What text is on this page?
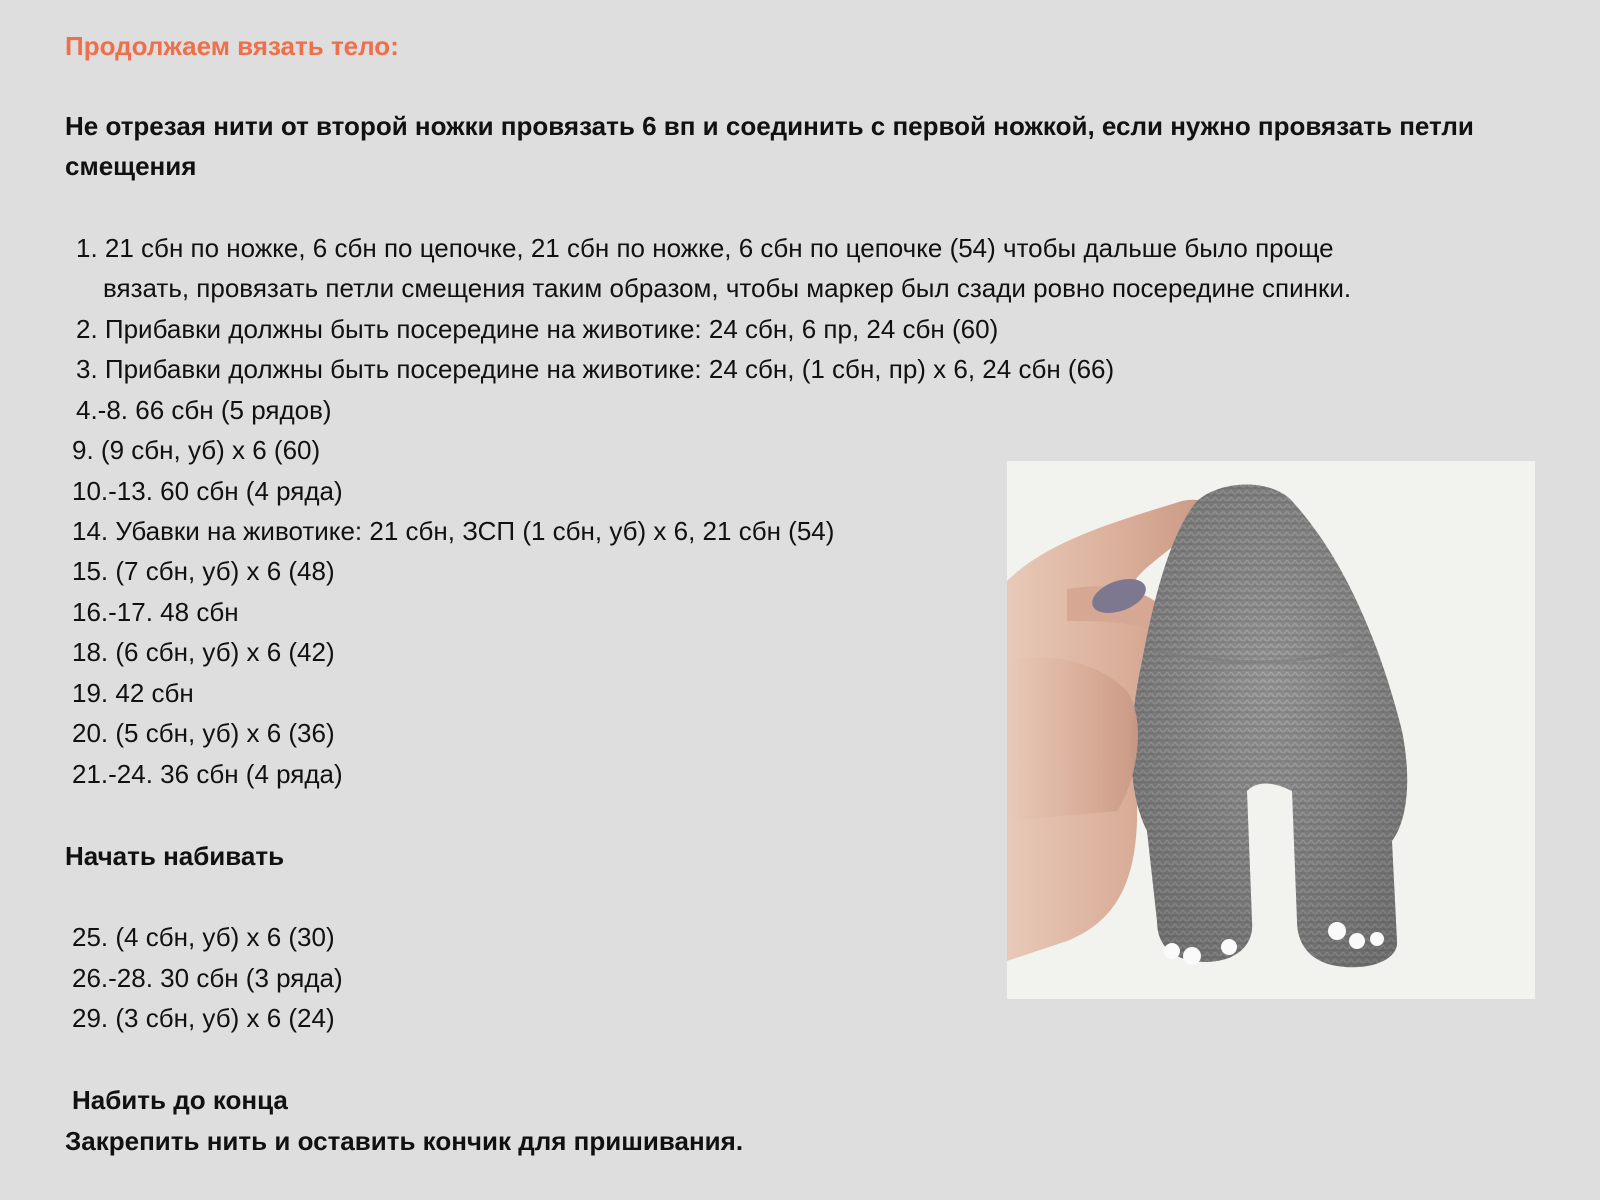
Продолжаем вязать тело:
Не отрезая нити от второй ножки провязать 6 вп и соединить с первой ножкой, если нужно провязать петли смещения
1. 21 сбн по ножке, 6 сбн по цепочке, 21 сбн по ножке, 6 сбн по цепочке (54) чтобы дальше было проще
вязать, провязать петли смещения таким образом, чтобы маркер был сзади ровно посередине спинки.
2. Прибавки должны быть посередине на животике: 24 сбн, 6 пр, 24 сбн (60)
3. Прибавки должны быть посередине на животике: 24 сбн, (1 сбн, пр) х 6, 24 сбн (66)
4.-8. 66 сбн (5 рядов)
9. (9 сбн, уб) х 6 (60)
10.-13. 60 сбн (4 ряда)
14. Убавки на животике: 21 сбн, ЗСП (1 сбн, уб) х 6, 21 сбн (54)
15. (7 сбн, уб) х 6 (48)
16.-17. 48 сбн
18. (6 сбн, уб) х 6 (42)
19. 42 сбн
20. (5 сбн, уб) х 6 (36)
21.-24. 36 сбн (4 ряда)
Начать набивать
25. (4 сбн, уб) х 6 (30)
26.-28. 30 сбн (3 ряда)
29. (3 сбн, уб) х 6 (24)
Набить до конца
Закрепить нить и оставить кончик для пришивания.
